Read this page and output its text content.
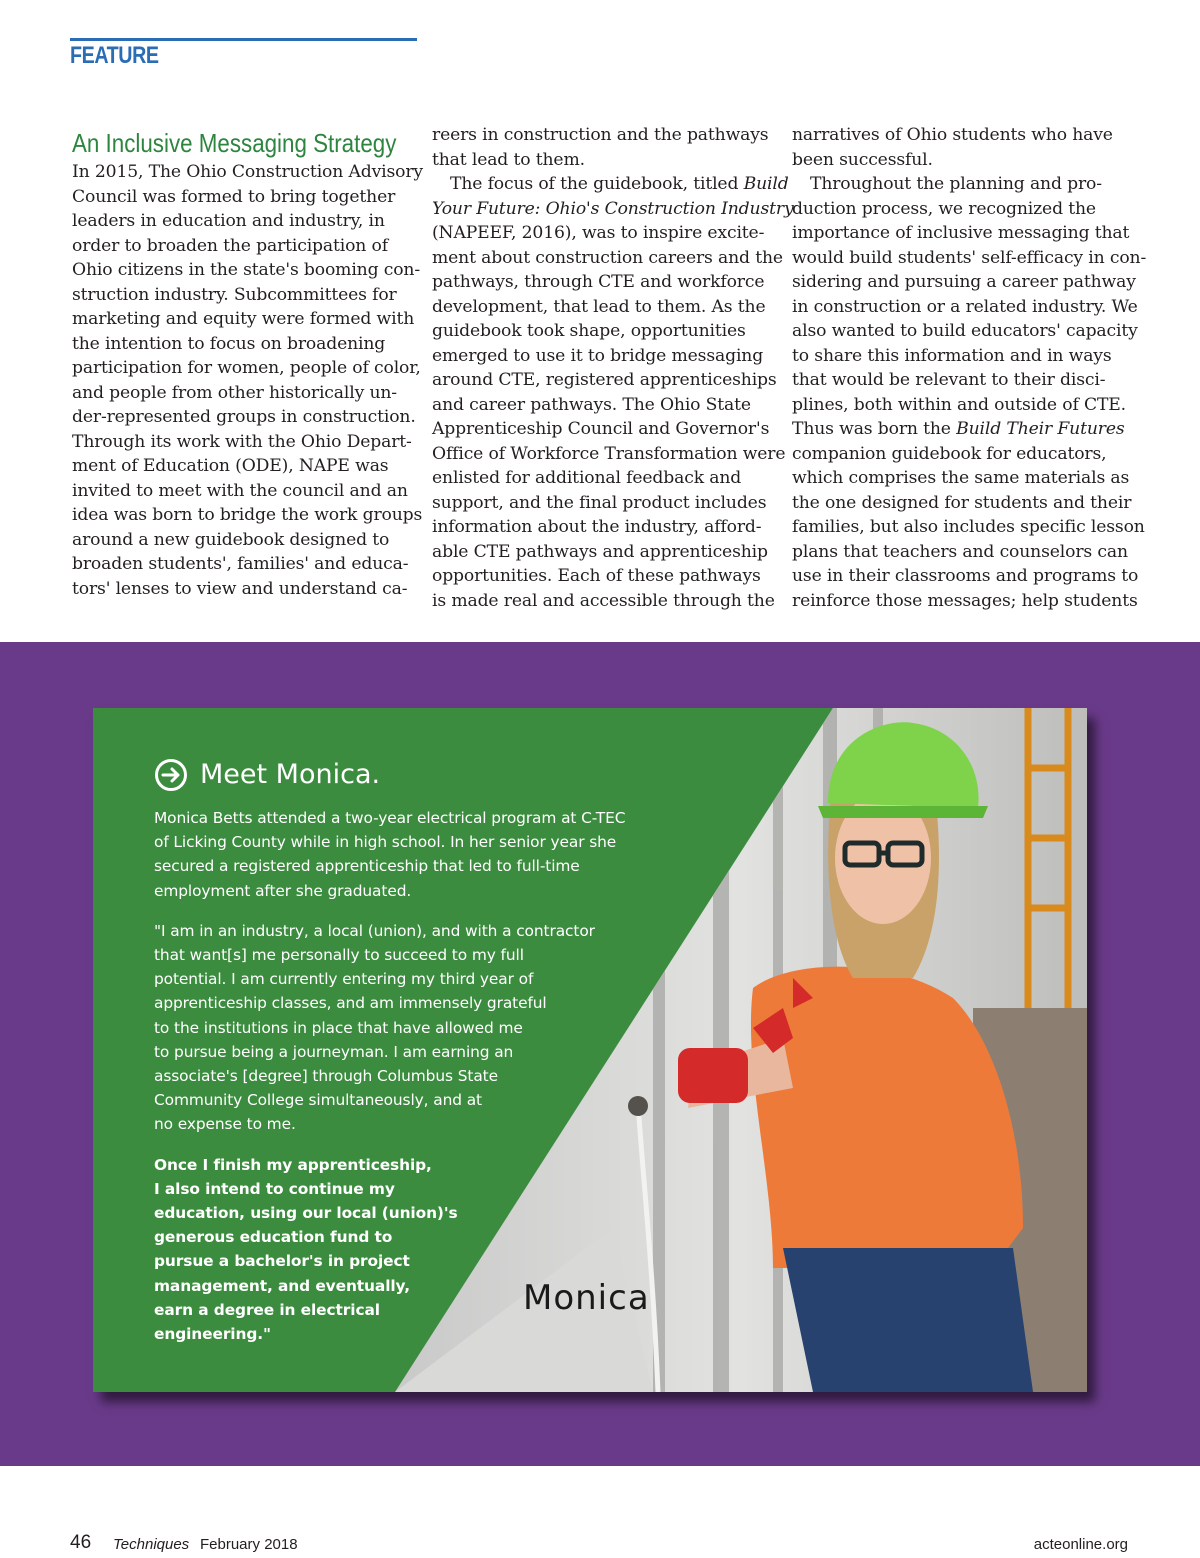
FEATURE
An Inclusive Messaging Strategy
In 2015, The Ohio Construction Advisory
Council was formed to bring together
leaders in education and industry, in
order to broaden the participation of
Ohio citizens in the state's booming con-
struction industry. Subcommittees for
marketing and equity were formed with
the intention to focus on broadening
participation for women, people of color,
and people from other historically un-
der-represented groups in construction.
Through its work with the Ohio Depart-
ment of Education (ODE), NAPE was
invited to meet with the council and an
idea was born to bridge the work groups
around a new guidebook designed to
broaden students', families' and educa-
tors' lenses to view and understand ca-
reers in construction and the pathways
that lead to them.
The focus of the guidebook, titled Build
Your Future: Ohio's Construction Industry
(NAPEEF, 2016), was to inspire excite-
ment about construction careers and the
pathways, through CTE and workforce
development, that lead to them. As the
guidebook took shape, opportunities
emerged to use it to bridge messaging
around CTE, registered apprenticeships
and career pathways. The Ohio State
Apprenticeship Council and Governor's
Office of Workforce Transformation were
enlisted for additional feedback and
support, and the final product includes
information about the industry, afford-
able CTE pathways and apprenticeship
opportunities. Each of these pathways
is made real and accessible through the
narratives of Ohio students who have
been successful.
Throughout the planning and pro-
duction process, we recognized the
importance of inclusive messaging that
would build students' self-efficacy in con-
sidering and pursuing a career pathway
in construction or a related industry. We
also wanted to build educators' capacity
to share this information and in ways
that would be relevant to their disci-
plines, both within and outside of CTE.
Thus was born the Build Their Futures
companion guidebook for educators,
which comprises the same materials as
the one designed for students and their
families, but also includes specific lesson
plans that teachers and counselors can
use in their classrooms and programs to
reinforce those messages; help students
Meet Monica.
Monica Betts attended a two-year electrical program at C-TEC
of Licking County while in high school. In her senior year she
secured a registered apprenticeship that led to full-time
employment after she graduated.
"I am in an industry, a local (union), and with a contractor
that want[s] me personally to succeed to my full
potential. I am currently entering my third year of
apprenticeship classes, and am immensely grateful
to the institutions in place that have allowed me
to pursue being a journeyman. I am earning an
associate's [degree] through Columbus State
Community College simultaneously, and at
no expense to me.
Once I finish my apprenticeship,
I also intend to continue my
education, using our local (union)'s
generous education fund to
pursue a bachelor's in project
management, and eventually,
earn a degree in electrical
engineering."
Monica
46 Techniques February 2018	acteonline.org
